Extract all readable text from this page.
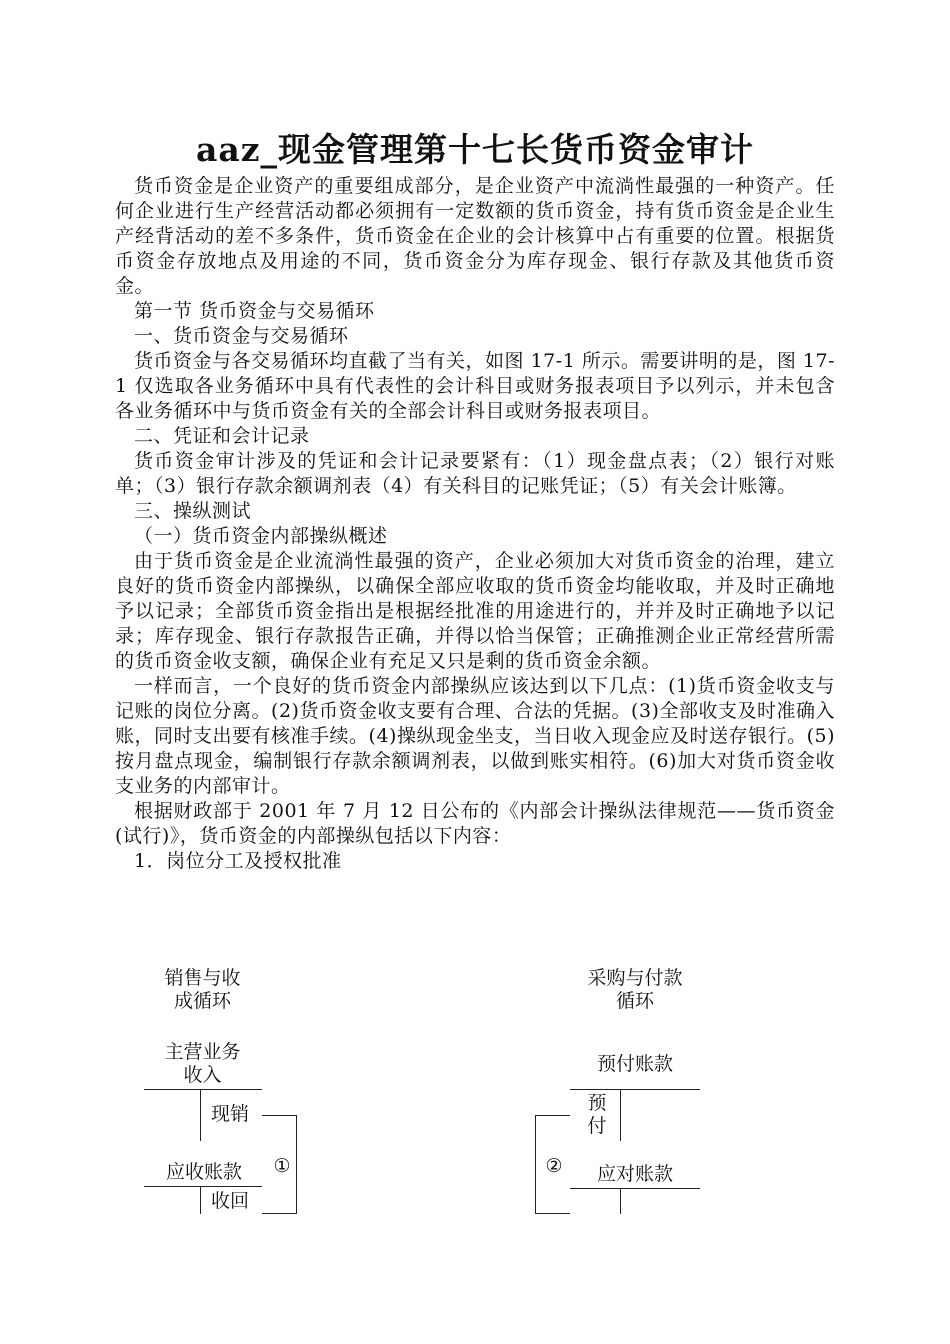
aaz_现金管理第十七长货币资金审计

货币资金是企业资产的重要组成部分，是企业资产中流淌性最强的一种资产。任何企业进行生产经营活动都必须拥有一定数额的货币资金，持有货币资金是企业生产经背活动的差不多条件，货币资金在企业的会计核算中占有重要的位置。根据货币资金存放地点及用途的不同，货币资金分为库存现金、银行存款及其他货币资金。

第一节 货币资金与交易循环

一、货币资金与交易循环

货币资金与各交易循环均直截了当有关，如图 17-1 所示。需要讲明的是，图 17-1 仅选取各业务循环中具有代表性的会计科目或财务报表项目予以列示，并未包含各业务循环中与货币资金有关的全部会计科目或财务报表项目。

二、凭证和会计记录

货币资金审计涉及的凭证和会计记录要紧有：（1）现金盘点表；（2）银行对账单；（3）银行存款余额调剂表（4）有关科目的记账凭证；（5）有关会计账簿。

三、操纵测试

（一）货币资金内部操纵概述

由于货币资金是企业流淌性最强的资产，企业必须加大对货币资金的治理，建立良好的货币资金内部操纵，以确保全部应收取的货币资金均能收取，并及时正确地予以记录；全部货币资金指出是根据经批准的用途进行的，并并及时正确地予以记录；库存现金、银行存款报告正确，并得以恰当保管；正确推测企业正常经营所需的货币资金收支额，确保企业有充足又只是剩的货币资金余额。

一样而言，一个良好的货币资金内部操纵应该达到以下几点：(1)货币资金收支与记账的岗位分离。(2)货币资金收支要有合理、合法的凭据。(3)全部收支及时准确入账，同时支出要有核准手续。(4)操纵现金坐支，当日收入现金应及时送存银行。(5)按月盘点现金，编制银行存款余额调剂表，以做到账实相符。(6)加大对货币资金收支业务的内部审计。

根据财政部于 2001 年 7 月 12 日公布的《内部会计操纵法律规范——货币资金(试行)》，货币资金的内部操纵包括以下内容：

1．岗位分工及授权批准

销售与收
成循环
主营业务
收入
现销
应收账款
收回
①
采购与付款
循环
预付账款
预
付
应对账款
②
